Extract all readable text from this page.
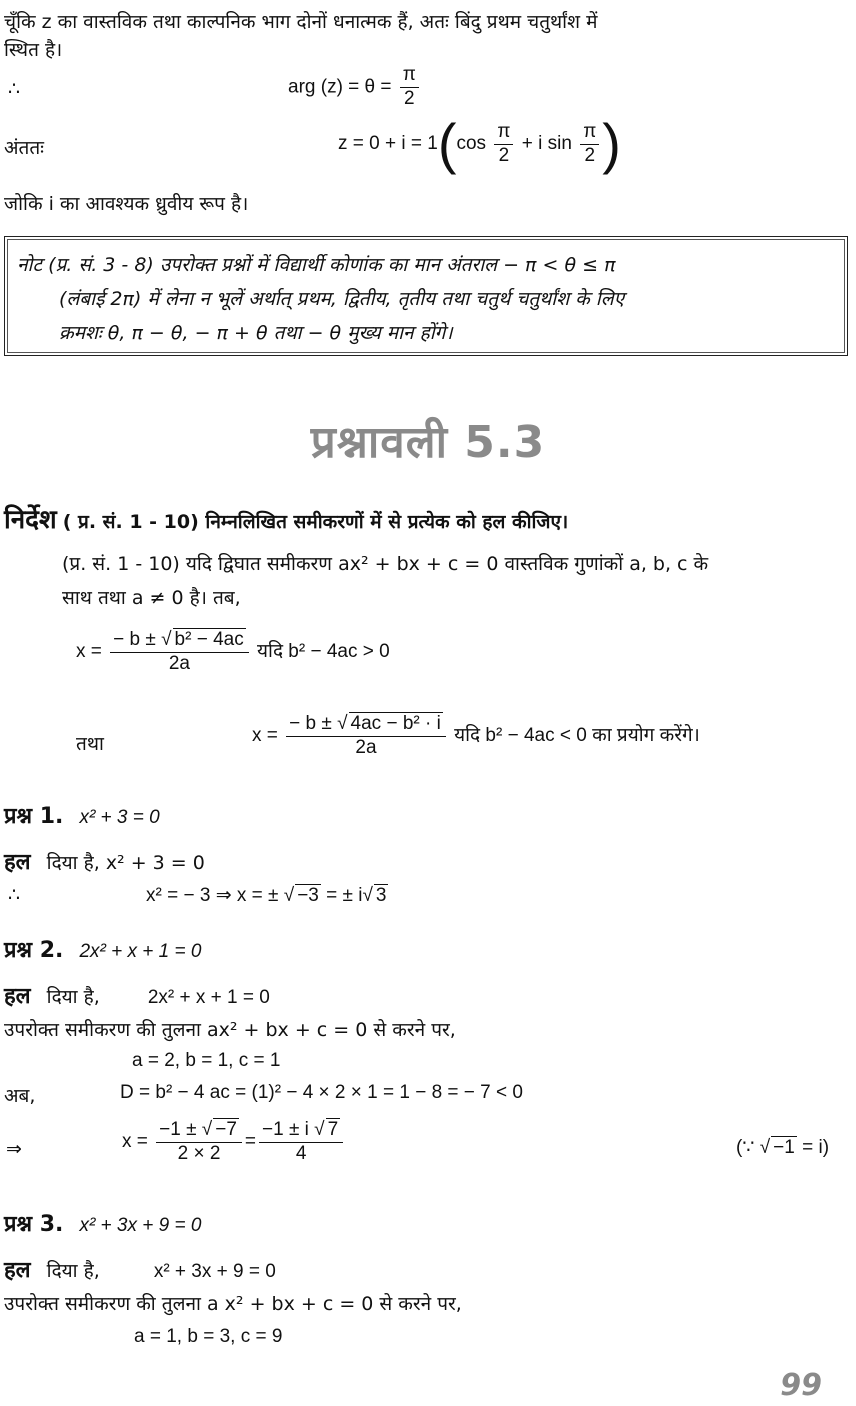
चूँकि z का वास्तविक तथा काल्पनिक भाग दोनों धनात्मक हैं, अतः बिंदु प्रथम चतुर्थांश में
स्थित है।
∴	arg $(z) = \theta = \frac{\pi}{2}$
अंततः	$z = 0 + i = 1(\cos \frac{\pi}{2} + i$ $\sin \frac{\pi}{2}$ )
जोकि i का आवश्यक ध्रुवीय रूप है।
नोट (प्र. सं. 3 - 8) उपरोक्त प्रश्नों में विद्यार्थी कोणांक का मान अंतराल − π < θ ≤ π
(लंबाई 2π) में लेना न भूलें अर्थात् प्रथम, द्वितीय, तृतीय तथा चतुर्थ चतुर्थांश के लिए
क्रमशः θ, π − θ, − π + θ तथा − θ मुख्य मान होंगे।
प्रश्नावली 5.3
निर्देश ( प्र. सं. 1 - 10) निम्नलिखित समीकरणों में से प्रत्येक को हल कीजिए।
(प्र. सं. 1 - 10) यदि द्विघात समीकरण ax² + bx + c = 0 वास्तविक गुणांकों a, b, c के
साथ तथा a ≠ 0 है। तब,
$x = \frac{\text{− b ± √ b² − 4ac}}{2a}$ यदि b² − 4ac > 0
तथा	$x = \frac{\text{− b ± √ 4ac − b² · i}}{2a}$ यदि b² − 4ac < 0 का प्रयोग करेंगे।
प्रश्न 1. x² + 3 = 0
हल दिया है, x² + 3 = 0
∴	x² = − 3 ⇒ x = ± √ −3 = ± i√ 3
प्रश्न 2. 2x² + x + 1 = 0
हल दिया है,	2x² + x + 1 = 0
उपरोक्त समीकरण की तुलना ax² + bx + c = 0 से करने पर,
a = 2, b = 1, c = 1
अब,	D = b² − 4 ac = (1)² − 4 × 2 × 1 = 1 − 8 = − 7 < 0
⇒	$x = \frac{-1 \pm √ -7}{2 \times 2} = \frac{-1 \pm i √ 7}{4}$	(∵ √ −1 = i)
प्रश्न 3. x² + 3x + 9 = 0
हल दिया है,	x² + 3x + 9 = 0
उपरोक्त समीकरण की तुलना a x² + bx + c = 0 से करने पर,
a = 1, b = 3, c = 9
99
